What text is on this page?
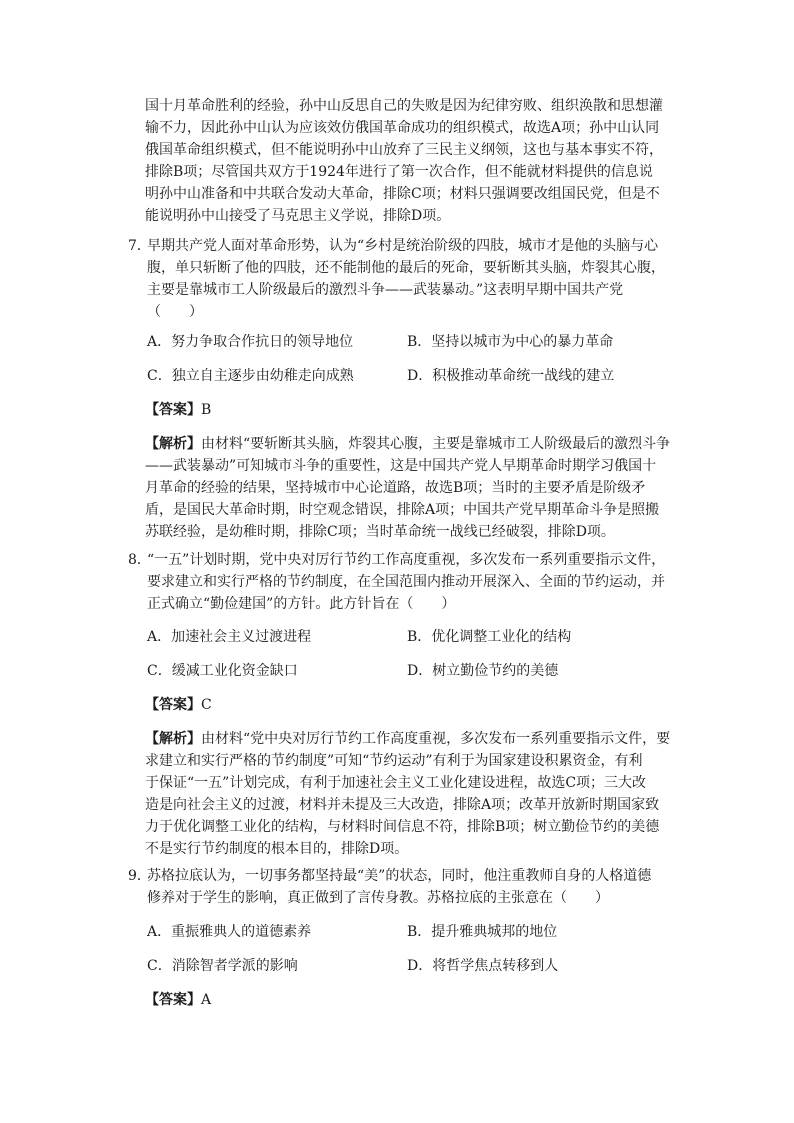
国十月革命胜利的经验，孙中山反思自己的失败是因为纪律穷败、组织涣散和思想灌

输不力，因此孙中山认为应该效仿俄国革命成功的组织模式，故选A项；孙中山认同

俄国革命组织模式，但不能说明孙中山放弃了三民主义纲领，这也与基本事实不符，

排除B项；尽管国共双方于1924年进行了第一次合作，但不能就材料提供的信息说

明孙中山准备和中共联合发动大革命，排除C项；材料只强调要改组国民党，但是不

能说明孙中山接受了马克思主义学说，排除D项。

7．
早期共产党人面对革命形势，认为“乡村是统治阶级的四肢，城市才是他的头脑与心
腹，单只斩断了他的四肢，还不能制他的最后的死命，要斩断其头脑，炸裂其心腹，
主要是靠城市工人阶级最后的激烈斗争——武装暴动。”这表明早期中国共产党
（　　）
A．努力争取合作抗日的领导地位	B．坚持以城市为中心的暴力革命
C．独立自主逐步由幼稚走向成熟	D．积极推动革命统一战线的建立
【答案】B

【解析】由材料“要斩断其头脑，炸裂其心腹，主要是靠城市工人阶级最后的激烈斗争

——武装暴动”可知城市斗争的重要性，这是中国共产党人早期革命时期学习俄国十

月革命的经验的结果，坚持城市中心论道路，故选B项；当时的主要矛盾是阶级矛

盾，是国民大革命时期，时空观念错误，排除A项；中国共产党早期革命斗争是照搬

苏联经验，是幼稚时期，排除C项；当时革命统一战线已经破裂，排除D项。

8．
“一五”计划时期，党中央对厉行节约工作高度重视，多次发布一系列重要指示文件，
要求建立和实行严格的节约制度，在全国范围内推动开展深入、全面的节约运动，并
正式确立“勤俭建国”的方针。此方针旨在（　　）
A．加速社会主义过渡进程	B．优化调整工业化的结构
C．缓减工业化资金缺口	D．树立勤俭节约的美德
【答案】C

【解析】由材料“党中央对厉行节约工作高度重视，多次发布一系列重要指示文件，要

求建立和实行严格的节约制度”可知“节约运动”有利于为国家建设积累资金，有利

于保证“一五”计划完成，有利于加速社会主义工业化建设进程，故选C项；三大改

造是向社会主义的过渡，材料并未提及三大改造，排除A项；改革开放新时期国家致

力于优化调整工业化的结构，与材料时间信息不符，排除B项；树立勤俭节约的美德

不是实行节约制度的根本目的，排除D项。

9．
苏格拉底认为，一切事务都坚持最“美”的状态，同时，他注重教师自身的人格道德
修养对于学生的影响，真正做到了言传身教。苏格拉底的主张意在（　　）
A．重振雅典人的道德素养	B．提升雅典城邦的地位
C．消除智者学派的影响	D．将哲学焦点转移到人
【答案】A
